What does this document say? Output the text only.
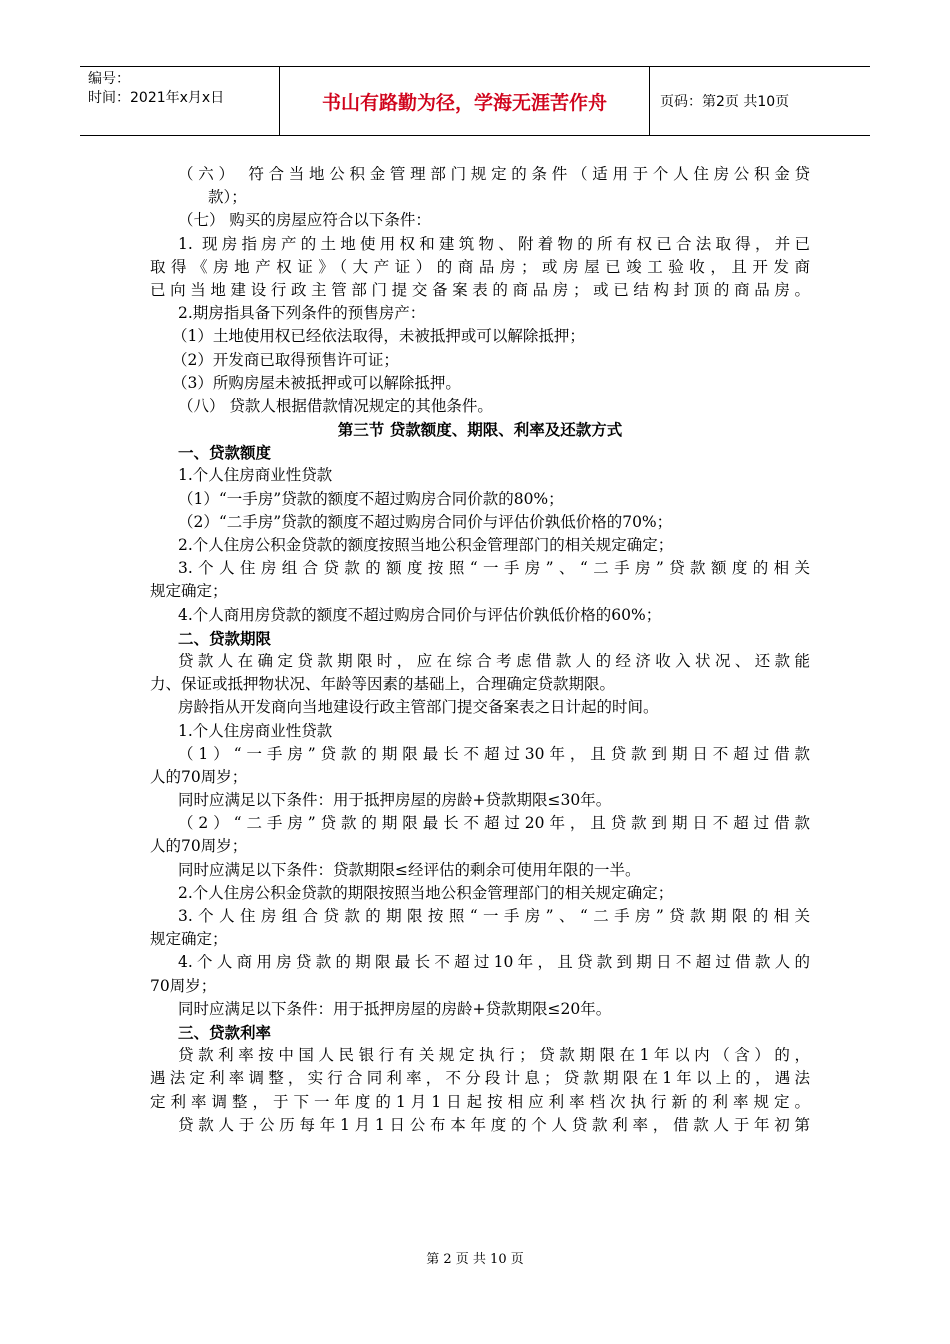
编号：
时间：2021年x月x日	书山有路勤为径，学海无涯苦作舟	页码：第2页 共10页
（六） 符合当地公积金管理部门规定的条件（适用于个人住房公积金贷
款）；
（七） 购买的房屋应符合以下条件：
1. 现房指房产的土地使用权和建筑物、附着物的所有权已合法取得，并已
取得《房地产权证》（大产证）的商品房；或房屋已竣工验收，且开发商
已向当地建设行政主管部门提交备案表的商品房；或已结构封顶的商品房。
2.期房指具备下列条件的预售房产：
（1）土地使用权已经依法取得，未被抵押或可以解除抵押；
（2）开发商已取得预售许可证；
（3）所购房屋未被抵押或可以解除抵押。
（八） 贷款人根据借款情况规定的其他条件。
第三节 贷款额度、期限、利率及还款方式
一、贷款额度
1.个人住房商业性贷款
（1）“一手房”贷款的额度不超过购房合同价款的80%；
（2）“二手房”贷款的额度不超过购房合同价与评估价孰低价格的70%；
2.个人住房公积金贷款的额度按照当地公积金管理部门的相关规定确定；
3.个人住房组合贷款的额度按照“一手房”、“二手房”贷款额度的相关
规定确定；
4.个人商用房贷款的额度不超过购房合同价与评估价孰低价格的60%；
二、贷款期限
贷款人在确定贷款期限时，应在综合考虑借款人的经济收入状况、还款能
力、保证或抵押物状况、年龄等因素的基础上，合理确定贷款期限。
房龄指从开发商向当地建设行政主管部门提交备案表之日计起的时间。
1.个人住房商业性贷款
（1）“一手房”贷款的期限最长不超过30年，且贷款到期日不超过借款
人的70周岁；
同时应满足以下条件：用于抵押房屋的房龄+贷款期限≤30年。
（2）“二手房”贷款的期限最长不超过20年，且贷款到期日不超过借款
人的70周岁；
同时应满足以下条件：贷款期限≤经评估的剩余可使用年限的一半。
2.个人住房公积金贷款的期限按照当地公积金管理部门的相关规定确定；
3.个人住房组合贷款的期限按照“一手房”、“二手房”贷款期限的相关
规定确定；
4.个人商用房贷款的期限最长不超过10年，且贷款到期日不超过借款人的
70周岁；
同时应满足以下条件：用于抵押房屋的房龄+贷款期限≤20年。
三、贷款利率
贷款利率按中国人民银行有关规定执行；贷款期限在1年以内（含）的，
遇法定利率调整，实行合同利率，不分段计息；贷款期限在1年以上的，遇法
定利率调整，于下一年度的1月1日起按相应利率档次执行新的利率规定。
贷款人于公历每年1月1日公布本年度的个人贷款利率，借款人于年初第
第 2 页 共 10 页
